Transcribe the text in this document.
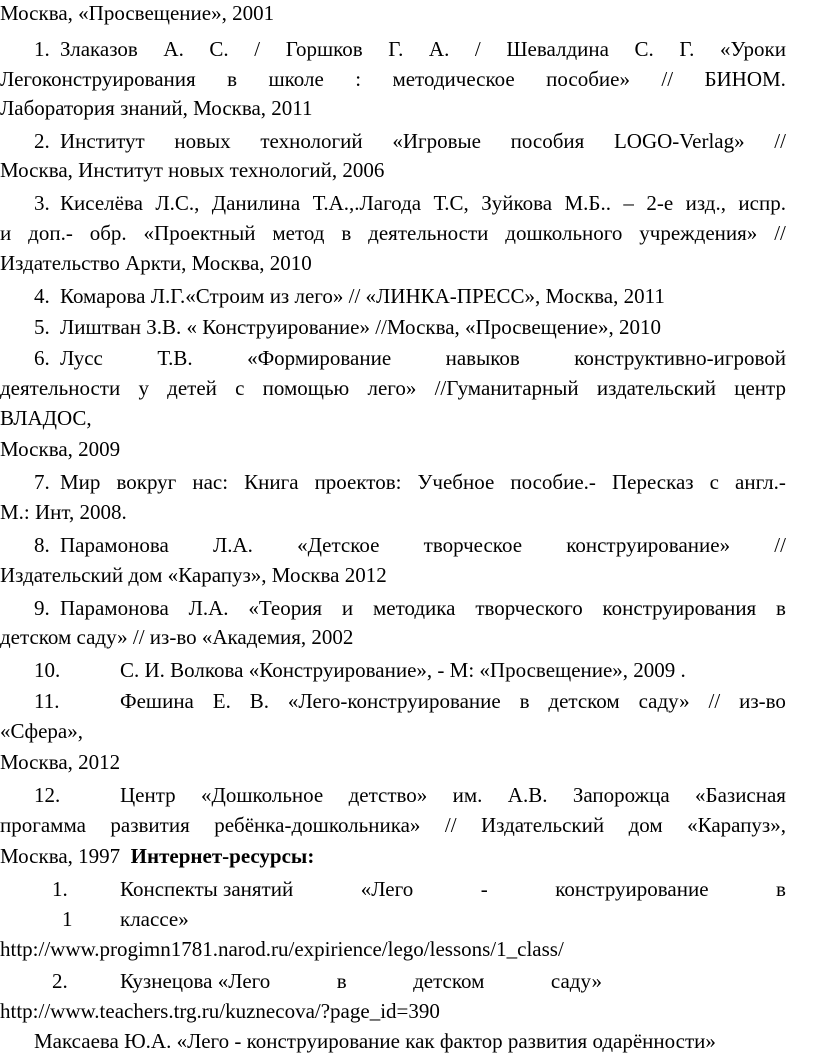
Москва, «Просвещение», 2001
1. Злаказов А. С. / Горшков Г. А. / Шевалдина С. Г. «Уроки
Легоконструирования в школе : методическое пособие» // БИНОМ.
Лаборатория знаний, Москва, 2011
2. Институт новых технологий «Игровые пособия LOGO-Verlag» //
Москва, Институт новых технологий, 2006
3. Киселёва Л.С., Данилина Т.А.,.Лагода Т.С, Зуйкова М.Б.. – 2-е изд., испр.
и доп.- обр. «Проектный метод в деятельности дошкольного учреждения» //
Издательство Аркти, Москва, 2010
4. Комарова Л.Г.«Строим из лего» // «ЛИНКА-ПРЕСС», Москва, 2011
5. Лиштван З.В. « Конструирование» //Москва, «Просвещение», 2010
6. Лусс	Т.В.	«Формирование	навыков	конструктивно-игровой
деятельности у детей с помощью лего» //Гуманитарный издательский центр
ВЛАДОС,
Москва, 2009
7. Мир вокруг нас: Книга проектов: Учебное пособие.- Пересказ с англ.-
М.: Инт, 2008.
8. Парамонова Л.А. «Детское творческое конструирование» //
Издательский дом «Карапуз», Москва 2012
9. Парамонова Л.А. «Теория и методика творческого конструирования в
детском саду» // из-во «Академия, 2002
10.	С. И. Волкова «Конструирование», - М: «Просвещение», 2009 .
11.	Фешина Е. В. «Лего-конструирование в детском саду» // из-во
«Сфера»,
Москва, 2012
12.	Центр «Дошкольное детство» им. А.В. Запорожца «Базисная
прогамма развития ребёнка-дошкольника» // Издательский дом «Карапуз»,
Москва, 1997 Интернет-ресурсы:
1. Конспекты занятий	«Лего	-	конструирование	в
1 классе»
http://www.progimn1781.narod.ru/expirience/lego/lessons/1_class/
2. Кузнецова «Лего	в	детском	саду»
http://www.teachers.trg.ru/kuznecova/?page_id=390
Максаева Ю.А. «Лего - конструирование как фактор развития одарённости»
